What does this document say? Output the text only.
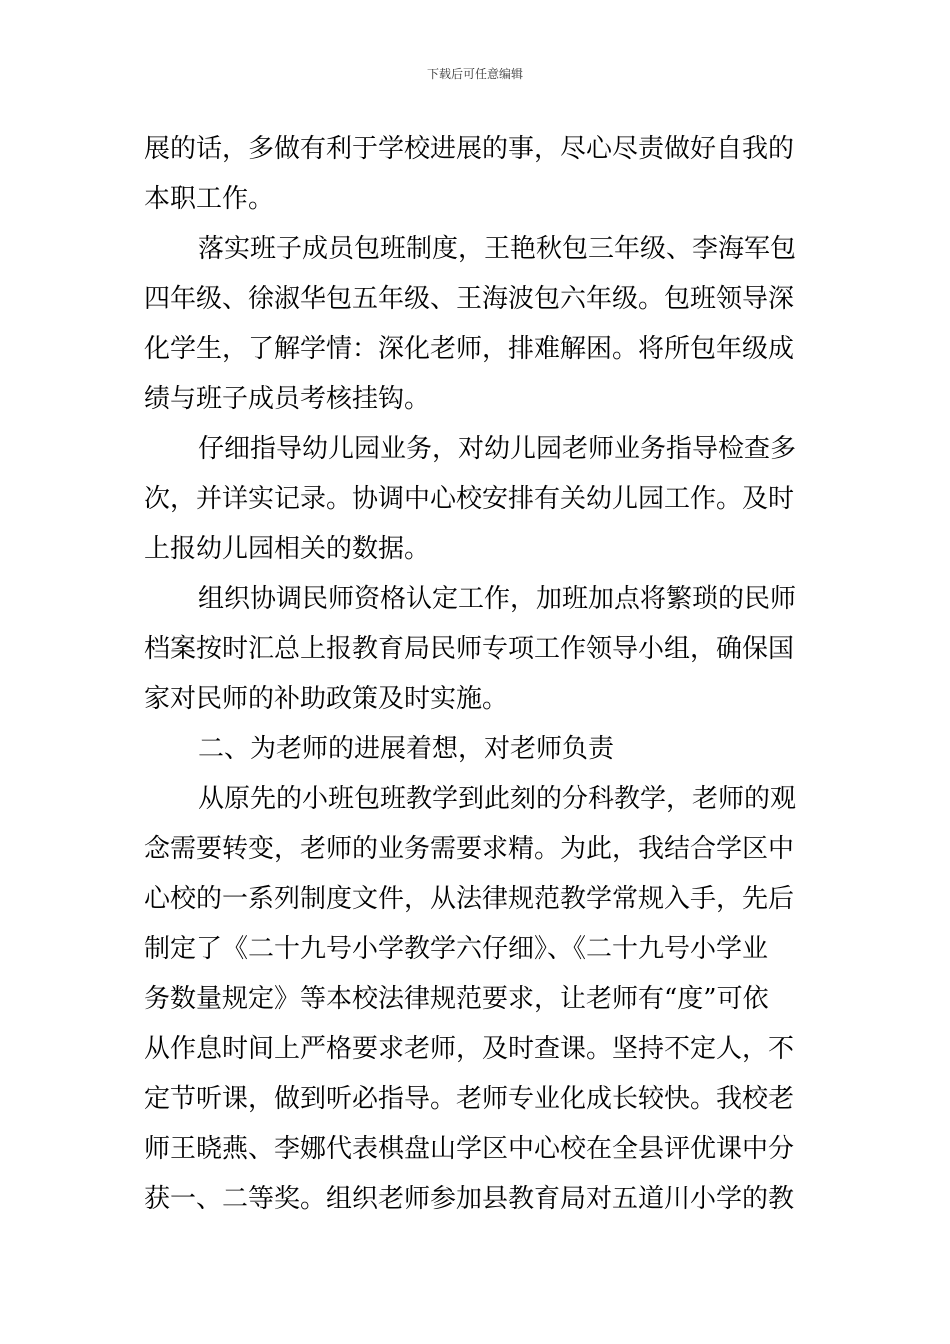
下载后可任意编辑
展的话，多做有利于学校进展的事，尽心尽责做好自我的
本职工作。
落实班子成员包班制度，王艳秋包三年级、李海军包
四年级、徐淑华包五年级、王海波包六年级。包班领导深
化学生，了解学情：深化老师，排难解困。将所包年级成
绩与班子成员考核挂钩。
仔细指导幼儿园业务，对幼儿园老师业务指导检查多
次，并详实记录。协调中心校安排有关幼儿园工作。及时
上报幼儿园相关的数据。
组织协调民师资格认定工作，加班加点将繁琐的民师
档案按时汇总上报教育局民师专项工作领导小组，确保国
家对民师的补助政策及时实施。
二、为老师的进展着想，对老师负责
从原先的小班包班教学到此刻的分科教学，老师的观
念需要转变，老师的业务需要求精。为此，我结合学区中
心校的一系列制度文件，从法律规范教学常规入手，先后
制定了《二十九号小学教学六仔细》、《二十九号小学业
务数量规定》等本校法律规范要求，让老师有“度”可依
从作息时间上严格要求老师，及时查课。坚持不定人，不
定节听课，做到听必指导。老师专业化成长较快。我校老
师王晓燕、李娜代表棋盘山学区中心校在全县评优课中分
获一、二等奖。组织老师参加县教育局对五道川小学的教
